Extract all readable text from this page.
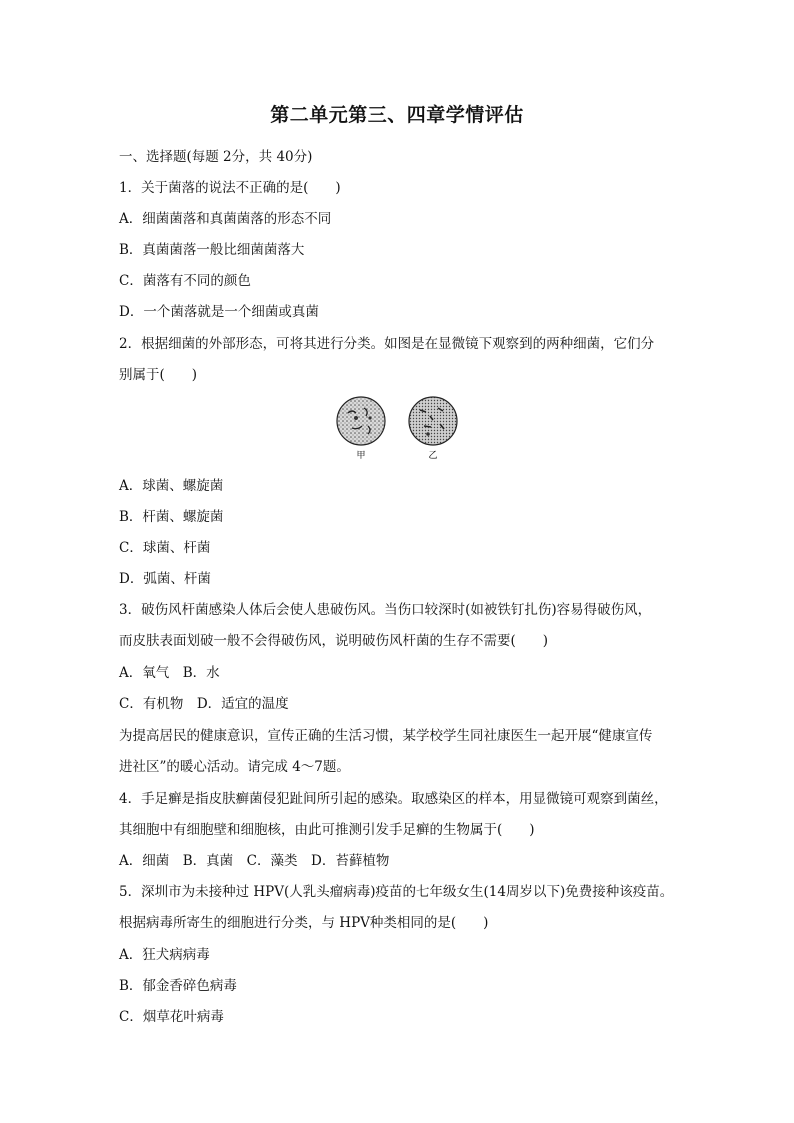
第二单元第三、四章学情评估
一、选择题(每题 2分，共 40分)
1．关于菌落的说法不正确的是(　　)
A．细菌菌落和真菌菌落的形态不同
B．真菌菌落一般比细菌菌落大
C．菌落有不同的颜色
D．一个菌落就是一个细菌或真菌
2．根据细菌的外部形态，可将其进行分类。如图是在显微镜下观察到的两种细菌，它们分
别属于(　　)
甲	乙
A．球菌、螺旋菌
B．杆菌、螺旋菌
C．球菌、杆菌
D．弧菌、杆菌
3．破伤风杆菌感染人体后会使人患破伤风。当伤口较深时(如被铁钉扎伤)容易得破伤风，
而皮肤表面划破一般不会得破伤风，说明破伤风杆菌的生存不需要(　　)
A．氧气　B．水
C．有机物　D．适宜的温度
为提高居民的健康意识，宣传正确的生活习惯，某学校学生同社康医生一起开展“健康宣传
进社区”的暖心活动。请完成 4～7题。
4．手足癣是指皮肤癣菌侵犯趾间所引起的感染。取感染区的样本，用显微镜可观察到菌丝，
其细胞中有细胞壁和细胞核，由此可推测引发手足癣的生物属于(　　)
A．细菌　B．真菌　C．藻类　D．苔藓植物
5．深圳市为未接种过 HPV(人乳头瘤病毒)疫苗的七年级女生(14周岁以下)免费接种该疫苗。
根据病毒所寄生的细胞进行分类，与 HPV种类相同的是(　　)
A．狂犬病病毒
B．郁金香碎色病毒
C．烟草花叶病毒
